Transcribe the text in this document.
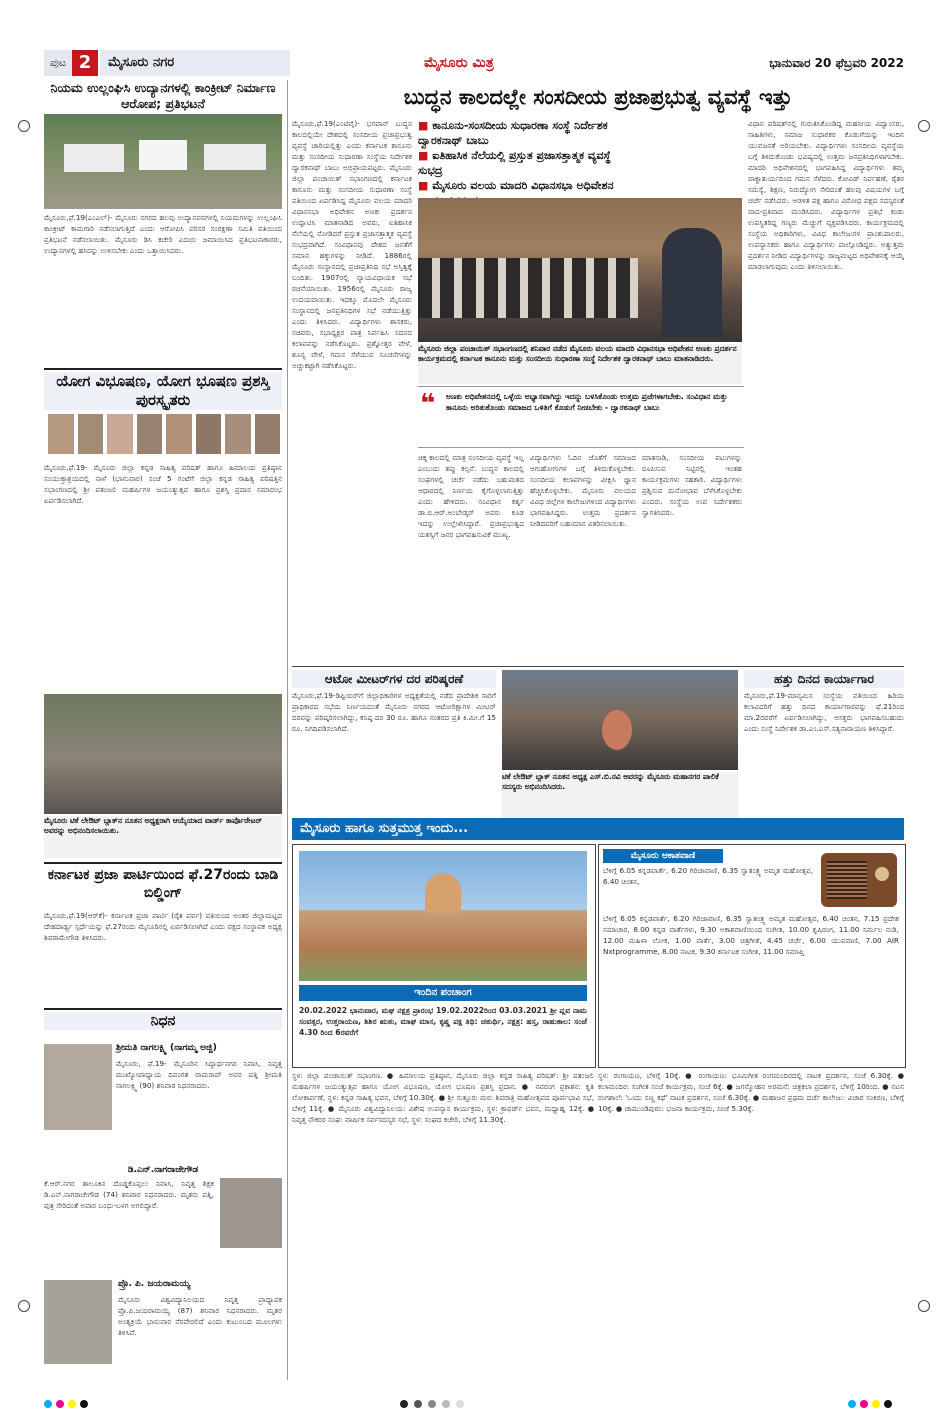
ಪುಟ 2	ಮೈಸೂರು ನಗರ	ಮೈಸೂರು ಮಿತ್ರ	ಭಾನುವಾರ 20 ಫೆಬ್ರವರಿ 2022
ನಿಯಮ ಉಲ್ಲಂಘಿಸಿ ಉದ್ಯಾನಗಳಲ್ಲಿ ಕಾಂಕ್ರೀಟ್ ನಿರ್ಮಾಣ ಆರೋಪ; ಪ್ರತಿಭಟನೆ
ಮೈಸೂರು,ಫೆ.19(ಎಂಎಲ್)- ಮೈಸೂರು ನಗರದ ಹಲವು ಉದ್ಯಾನವನಗಳಲ್ಲಿ ನಿಯಮಗಳನ್ನು ಉಲ್ಲಂಘಿಸಿ ಕಾಂಕ್ರೀಟ್ ಕಾಮಗಾರಿ ನಡೆಸಲಾಗುತ್ತಿದೆ ಎಂದು ಆರೋಪಿಸಿ ಪರಿಸರ ಸಂರಕ್ಷಣಾ ಸಮಿತಿ ವತಿಯಿಂದ ಪ್ರತಿಭಟನೆ ನಡೆಸಲಾಯಿತು. ಮೈಸೂರು ಡಿಸಿ ಕಚೇರಿ ಎದುರು ಜಮಾಯಿಸಿದ ಪ್ರತಿಭಟನಾಕಾರರು, ಉದ್ಯಾನಗಳಲ್ಲಿ ಹಸಿರನ್ನು ಉಳಿಸಬೇಕು ಎಂದು ಒತ್ತಾಯಿಸಿದರು.
ಯೋಗ ವಿಭೂಷಣ, ಯೋಗ ಭೂಷಣ ಪ್ರಶಸ್ತಿ ಪುರಸ್ಕೃತರು
ಮೈಸೂರು,ಫೆ.19- ಮೈಸೂರು ಜಿಲ್ಲಾ ಕನ್ನಡ ಸಾಹಿತ್ಯ ಪರಿಷತ್ ಹಾಗೂ ಹಿಮಾಲಯ ಪ್ರತಿಷ್ಠಾನ ಸಂಯುಕ್ತಾಶ್ರಯದಲ್ಲಿ ನಾಳೆ (ಭಾನುವಾರ) ಸಂಜೆ 5 ಗಂಟೆಗೆ ಜಿಲ್ಲಾ ಕನ್ನಡ ಸಾಹಿತ್ಯ ಪರಿಷತ್ತಿನ ಸಭಾಂಗಣದಲ್ಲಿ ಶ್ರೀ ಪತಂಜಲಿ ಮಹರ್ಷಿಗಳ ಜಯಂತ್ಯುತ್ಸವ ಹಾಗೂ ಪ್ರಶಸ್ತಿ ಪ್ರದಾನ ಸಮಾರಂಭ ಏರ್ಪಡಿಸಲಾಗಿದೆ.
ಮೈಸೂರು ಟಿಕೆ ಲೇಔಟ್ ಬ್ಲಾಕ್‌ನ ನೂತನ ಅಧ್ಯಕ್ಷರಾಗಿ ಆಯ್ಕೆಯಾದ ವಾರ್ಡ್ ಕಾರ್ಪೊರೇಟರ್ ಅವರನ್ನು ಅಭಿನಂದಿಸಲಾಯಿತು.
ಕರ್ನಾಟಕ ಪ್ರಜಾ ಪಾರ್ಟಿಯಿಂದ ಫೆ.27ರಂದು ಬಾಡಿ ಬಿಲ್ಡಿಂಗ್
ಮೈಸೂರು,ಫೆ.19(ಆರ್‌ಕೆ)- ಕರ್ನಾಟಕ ಪ್ರಜಾ ಪಾರ್ಟಿ (ರೈತ ಪರ್ವ) ವತಿಯಿಂದ ಅಂತರ ಜಿಲ್ಲಾಮಟ್ಟದ ದೇಹದಾರ್ಢ್ಯ ಸ್ಪರ್ಧೆಯನ್ನು ಫೆ.27ರಂದು ಮೈಸೂರಿನಲ್ಲಿ ಏರ್ಪಡಿಸಲಾಗಿದೆ ಎಂದು ಪಕ್ಷದ ಸಂಸ್ಥಾಪಕ ಅಧ್ಯಕ್ಷ ಶಿವರಾಮೇಗೌಡ ತಿಳಿಸಿದರು.
ನಿಧನ
ಶ್ರೀಮತಿ ನಾಗಲಕ್ಷ್ಮಿ (ನಾಗಮ್ಮ ಅಜ್ಜಿ)
ಮೈಸೂರು, ಫೆ.19- ಮೈಸೂರಿನ ಸಿದ್ದಾರ್ಥನಗರ ನಿವಾಸಿ, ನಿವೃತ್ತ ಮುಖ್ಯೋಪಾಧ್ಯಾಯ ದಿವಂಗತ ರಾಮರಾವ್ ಅವರ ಪತ್ನಿ ಶ್ರೀಮತಿ ನಾಗಲಕ್ಷ್ಮಿ (90) ಶನಿವಾರ ನಿಧನರಾದರು.
ಡಿ.ಎನ್.ನಾಗರಾಜೇಗೌಡ
ಕೆ.ಆರ್.ನಗರ ತಾಲೂಕಿನ ದೊಡ್ಡಕೊಪ್ಪಲು ನಿವಾಸಿ, ನಿವೃತ್ತ ಶಿಕ್ಷಕ ಡಿ.ಎನ್.ನಾಗರಾಜೇಗೌಡ (74) ಶನಿವಾರ ನಿಧನರಾದರು. ಮೃತರು ಪತ್ನಿ, ಪುತ್ರ ಸೇರಿದಂತೆ ಅಪಾರ ಬಂಧು-ಬಳಗ ಅಗಲಿದ್ದಾರೆ.
ಪ್ರೊ. ಪಿ. ಜಯರಾಮಯ್ಯ
ಮೈಸೂರು ವಿಶ್ವವಿದ್ಯಾನಿಲಯದ ನಿವೃತ್ತ ಪ್ರಾಧ್ಯಾಪಕ ಪ್ರೊ.ಪಿ.ಜಯರಾಮಯ್ಯ (87) ಶನಿವಾರ ನಿಧನರಾದರು. ಮೃತರ ಅಂತ್ಯಕ್ರಿಯೆ ಭಾನುವಾರ ನೆರವೇರಲಿದೆ ಎಂದು ಕುಟುಂಬದ ಮೂಲಗಳು ತಿಳಿಸಿವೆ.
ಬುದ್ಧನ ಕಾಲದಲ್ಲೇ ಸಂಸದೀಯ ಪ್ರಜಾಪ್ರಭುತ್ವ ವ್ಯವಸ್ಥೆ ಇತ್ತು
ಮೈಸೂರು,ಫೆ.19(ಎಂಟಿವೈ)- ಭಗವಾನ್ ಬುದ್ಧನ ಕಾಲದಲ್ಲಿಯೇ ದೇಶದಲ್ಲಿ ಸಂಸದೀಯ ಪ್ರಜಾಪ್ರಭುತ್ವ ವ್ಯವಸ್ಥೆ ಜಾರಿಯಲ್ಲಿತ್ತು ಎಂದು ಕರ್ನಾಟಕ ಕಾನೂನು ಮತ್ತು ಸಂಸದೀಯ ಸುಧಾರಣಾ ಸಂಸ್ಥೆಯ ನಿರ್ದೇಶಕ ದ್ವಾರಕನಾಥ್ ಬಾಬು ಅಭಿಪ್ರಾಯಪಟ್ಟರು. ಮೈಸೂರು ಜಿಲ್ಲಾ ಪಂಚಾಯಿತ್ ಸಭಾಂಗಣದಲ್ಲಿ ಕರ್ನಾಟಕ ಕಾನೂನು ಮತ್ತು ಸಂಸದೀಯ ಸುಧಾರಣಾ ಸಂಸ್ಥೆ ವತಿಯಿಂದ ಏರ್ಪಡಿಸಿದ್ದ ಮೈಸೂರು ವಲಯ ಮಾದರಿ ವಿಧಾನಸಭಾ ಅಧಿವೇಶನ ಅಣಕು ಪ್ರದರ್ಶನ ಉದ್ಘಾಟಿಸಿ ಮಾತನಾಡಿದ ಅವರು, ಐತಿಹಾಸಿಕ ನೆಲೆಯಲ್ಲಿ ನೋಡಿದರೆ ಪ್ರಸ್ತುತ ಪ್ರಜಾಸತ್ತಾತ್ಮಕ ವ್ಯವಸ್ಥೆ ಸುಭದ್ರವಾಗಿದೆ. ಸಂವಿಧಾನವು ದೇಶದ ಜನತೆಗೆ ಸಮಾನ ಹಕ್ಕುಗಳನ್ನು ನೀಡಿದೆ. 1886ರಲ್ಲಿ ಮೈಸೂರು ಸಂಸ್ಥಾನದಲ್ಲಿ ಪ್ರಜಾಪ್ರತಿನಿಧಿ ಸಭೆ ಅಸ್ತಿತ್ವಕ್ಕೆ ಬಂದಿತು. 1907ರಲ್ಲಿ ನ್ಯಾಯವಿಧಾಯಕ ಸಭೆ ರಚನೆಯಾಯಿತು. 1956ರಲ್ಲಿ ಮೈಸೂರು ರಾಜ್ಯ ಉದಯವಾಯಿತು. ಇದಕ್ಕೂ ಮೊದಲೇ ಮೈಸೂರು ಸಂಸ್ಥಾನದಲ್ಲಿ ಜನಪ್ರತಿನಿಧಿಗಳ ಸಭೆ ನಡೆಯುತ್ತಿತ್ತು ಎಂದು ತಿಳಿಸಿದರು. ವಿದ್ಯಾರ್ಥಿಗಳು ಶಾಸಕರು, ಸಚಿವರು, ಸಭಾಧ್ಯಕ್ಷರ ಪಾತ್ರ ನಿರ್ವಹಿಸಿ ಸದನದ ಕಲಾಪವನ್ನು ನಡೆಸಿಕೊಟ್ಟರು. ಪ್ರಶ್ನೋತ್ತರ ವೇಳೆ, ಶೂನ್ಯ ವೇಳೆ, ಗಮನ ಸೆಳೆಯುವ ಸೂಚನೆಗಳನ್ನು ಅಚ್ಚುಕಟ್ಟಾಗಿ ನಡೆಸಿಕೊಟ್ಟರು.
■ ಕಾನೂನು-ಸಂಸದೀಯ ಸುಧಾರಣಾ ಸಂಸ್ಥೆ ನಿರ್ದೇಶಕ ದ್ವಾರಕನಾಥ್ ಬಾಬು
■ ಐತಿಹಾಸಿಕ ನೆಲೆಯಲ್ಲಿ ಪ್ರಸ್ತುತ ಪ್ರಜಾಸತ್ತಾತ್ಮಕ ವ್ಯವಸ್ಥೆ ಸುಭದ್ರ
■ ಮೈಸೂರು ವಲಯ ಮಾದರಿ ವಿಧಾನಸಭಾ ಅಧಿವೇಶನ
ಮೈಸೂರು ಜಿಲ್ಲಾ ಪಂಚಾಯಿತ್ ಸಭಾಂಗಣದಲ್ಲಿ ಶನಿವಾರ ನಡೆದ ಮೈಸೂರು ವಲಯ ಮಾದರಿ ವಿಧಾನಸಭಾ ಅಧಿವೇಶನ ಅಣಕು ಪ್ರದರ್ಶನ ಕಾರ್ಯಕ್ರಮದಲ್ಲಿ ಕರ್ನಾಟಕ ಕಾನೂನು ಮತ್ತು ಸಂಸದೀಯ ಸುಧಾರಣಾ ಸಂಸ್ಥೆ ನಿರ್ದೇಶಕ ದ್ವಾರಕನಾಥ್ ಬಾಬು ಮಾತನಾಡಿದರು.
ವಿಧಾನ ಪರಿಷತ್‌ನಲ್ಲಿ ಗುರುತಿಸಿಕೊಂಡಿದ್ದ ಮಹನೀಯ ವಿದ್ವಾಂಸರು, ಸಾಹಿತಿಗಳು, ಸಮಾಜ ಸುಧಾರಕರ ಕೊಡುಗೆಯನ್ನು ಇಂದಿನ ಯುವಜನತೆ ಅರಿಯಬೇಕು. ವಿದ್ಯಾರ್ಥಿಗಳು ಸಂಸದೀಯ ವ್ಯವಸ್ಥೆಯ ಬಗ್ಗೆ ತಿಳಿದುಕೊಂಡು ಭವಿಷ್ಯದಲ್ಲಿ ಉತ್ತಮ ಜನಪ್ರತಿನಿಧಿಗಳಾಗಬೇಕು. ಮಾದರಿ ಅಧಿವೇಶನದಲ್ಲಿ ಭಾಗವಹಿಸಿದ್ದ ವಿದ್ಯಾರ್ಥಿಗಳು ತಮ್ಮ ವಾಕ್ಚಾತುರ್ಯದಿಂದ ಗಮನ ಸೆಳೆದರು. ಕೋವಿಡ್ ನಿರ್ವಹಣೆ, ರೈತರ ಸಮಸ್ಯೆ, ಶಿಕ್ಷಣ, ನಿರುದ್ಯೋಗ ಸೇರಿದಂತೆ ಹಲವು ವಿಷಯಗಳ ಬಗ್ಗೆ ಚರ್ಚೆ ನಡೆಸಿದರು. ಆಡಳಿತ ಪಕ್ಷ ಹಾಗೂ ವಿರೋಧ ಪಕ್ಷದ ಸದಸ್ಯರಂತೆ ವಾದ-ಪ್ರತಿವಾದ ಮಂಡಿಸಿದರು. ವಿದ್ಯಾರ್ಥಿಗಳ ಪ್ರತಿಭೆ ಕಂಡು ಉಪಸ್ಥಿತರಿದ್ದ ಗಣ್ಯರು ಮೆಚ್ಚುಗೆ ವ್ಯಕ್ತಪಡಿಸಿದರು. ಕಾರ್ಯಕ್ರಮದಲ್ಲಿ ಸಂಸ್ಥೆಯ ಅಧಿಕಾರಿಗಳು, ವಿವಿಧ ಕಾಲೇಜುಗಳ ಪ್ರಾಂಶುಪಾಲರು, ಉಪನ್ಯಾಸಕರು ಹಾಗೂ ವಿದ್ಯಾರ್ಥಿಗಳು ಪಾಲ್ಗೊಂಡಿದ್ದರು. ಅತ್ಯುತ್ತಮ ಪ್ರದರ್ಶನ ನೀಡಿದ ವಿದ್ಯಾರ್ಥಿಗಳನ್ನು ರಾಜ್ಯಮಟ್ಟದ ಅಧಿವೇಶನಕ್ಕೆ ಆಯ್ಕೆ ಮಾಡಲಾಗುವುದು ಎಂದು ತಿಳಿಸಲಾಯಿತು.
❝ ಅಣಕು ಅಧಿವೇಶನದಲ್ಲಿ ಒಳ್ಳೆಯ ಅಭ್ಯಾಸವಾಗಿದ್ದು ಇದನ್ನು ಬಳಸಿಕೊಂಡು ಉತ್ತಮ ಪ್ರಜೆಗಳಾಗಬೇಕು. ಸಂವಿಧಾನ ಮತ್ತು ಕಾನೂನು ಅರಿತುಕೊಂಡು ಸಮಾಜದ ಒಳಿತಿಗೆ ಕೊಡುಗೆ ನೀಡಬೇಕು - ದ್ವಾರಕನಾಥ್ ಬಾಬು
ಚಿಕ್ಕ ಕಾಲದಲ್ಲಿ ಮಾತ್ರ ಸಂಸದೀಯ ವ್ಯವಸ್ಥೆ ಇಲ್ಲ ಎಂಬುದು ತಪ್ಪು ಕಲ್ಪನೆ. ಬುದ್ಧನ ಕಾಲದಲ್ಲಿ ಸಂಘಗಳಲ್ಲಿ ಚರ್ಚೆ ನಡೆದು ಬಹುಮತದ ಆಧಾರದಲ್ಲಿ ನಿರ್ಣಯ ಕೈಗೊಳ್ಳಲಾಗುತ್ತಿತ್ತು ಎಂದು ಹೇಳಿದರು. ಸಂವಿಧಾನ ಕರ್ತೃ ಡಾ.ಬಿ.ಆರ್.ಅಂಬೇಡ್ಕರ್ ಅವರು ಕೂಡ ಇದನ್ನು ಉಲ್ಲೇಖಿಸಿದ್ದಾರೆ. ಪ್ರಜಾಪ್ರಭುತ್ವದ ಯಶಸ್ಸಿಗೆ ಜನರ ಭಾಗವಹಿಸುವಿಕೆ ಮುಖ್ಯ.
ವಿದ್ಯಾರ್ಥಿಗಳು ಓದಿನ ಜೊತೆಗೆ ಸಮಾಜದ ಆಗುಹೋಗುಗಳ ಬಗ್ಗೆ ತಿಳಿದುಕೊಳ್ಳಬೇಕು. ಸಂಸದೀಯ ಕಲಾಪಗಳನ್ನು ವೀಕ್ಷಿಸಿ ಜ್ಞಾನ ಹೆಚ್ಚಿಸಿಕೊಳ್ಳಬೇಕು. ಮೈಸೂರು ವಲಯದ ವಿವಿಧ ಜಿಲ್ಲೆಗಳ ಕಾಲೇಜುಗಳಿಂದ ವಿದ್ಯಾರ್ಥಿಗಳು ಭಾಗವಹಿಸಿದ್ದರು. ಉತ್ತಮ ಪ್ರದರ್ಶನ ನೀಡಿದವರಿಗೆ ಬಹುಮಾನ ವಿತರಿಸಲಾಯಿತು.
ಮಾತನಾಡಿ, ಸಂಸದೀಯ ಪಟುಗಳನ್ನು ರೂಪಿಸುವ ನಿಟ್ಟಿನಲ್ಲಿ ಇಂತಹ ಕಾರ್ಯಕ್ರಮಗಳು ಸಹಕಾರಿ. ವಿದ್ಯಾರ್ಥಿಗಳು ಪ್ರಶ್ನಿಸುವ ಮನೋಭಾವ ಬೆಳೆಸಿಕೊಳ್ಳಬೇಕು ಎಂದರು. ಸಂಸ್ಥೆಯ ಉಪ ನಿರ್ದೇಶಕರು ಸ್ವಾಗತಿಸಿದರು.
ಆಟೋ ಮೀಟರ್‌ಗಳ ದರ ಪರಿಷ್ಕರಣೆ
ಮೈಸೂರು,ಫೆ.19-ಡಿಪ್ಟಿಯರ್‌ಗೆ ಜಿಲ್ಲಾಧಿಕಾರಿಗಳ ಅಧ್ಯಕ್ಷತೆಯಲ್ಲಿ ನಡೆದ ಪ್ರಾದೇಶಿಕ ಸಾರಿಗೆ ಪ್ರಾಧಿಕಾರದ ಸಭೆಯ ನಿರ್ಣಯದಂತೆ ಮೈಸೂರು ನಗರದ ಆಟೋರಿಕ್ಷಾಗಳ ಮೀಟರ್ ದರವನ್ನು ಪರಿಷ್ಕರಿಸಲಾಗಿದ್ದು, ಕನಿಷ್ಠ ದರ 30 ರೂ. ಹಾಗೂ ನಂತರದ ಪ್ರತಿ ಕಿ.ಮೀ.ಗೆ 15 ರೂ. ನಿಗದಿಪಡಿಸಲಾಗಿದೆ.
ಟಿಕೆ ಲೇಔಟ್ ಬ್ಲಾಕ್ ನೂತನ ಅಧ್ಯಕ್ಷ ಎಸ್.ಬಿ.ರವಿ ಅವರನ್ನು ಮೈಸೂರು ಮಹಾನಗರ ಪಾಲಿಕೆ ಸದಸ್ಯರು ಅಭಿನಂದಿಸಿದರು.
ಹತ್ತು ದಿನದ ಕಾರ್ಯಾಗಾರ
ಮೈಸೂರು,ಫೆ.19-ಮಾನ್ಯಮಿಸ ಸಂಸ್ಥೆಯ ವತಿಯಿಂದ ಹಿರಿಯ ಕಲಾವಿದರಿಗೆ ಹತ್ತು ದಿನದ ಕಾರ್ಯಾಗಾರವನ್ನು ಫೆ.21ರಿಂದ ಮಾ.2ರವರೆಗೆ ಏರ್ಪಡಿಸಲಾಗಿದ್ದು, ಆಸಕ್ತರು ಭಾಗವಹಿಸಬಹುದು ಎಂದು ಸಂಸ್ಥೆ ನಿರ್ದೇಶಕ ಡಾ.ಎಂ.ಎಸ್.ಸತ್ಯನಾರಾಯಣ ತಿಳಿಸಿದ್ದಾರೆ.
ಮೈಸೂರು ಹಾಗೂ ಸುತ್ತಮುತ್ತ ಇಂದು...
ಇಂದಿನ ಪಂಚಾಂಗ
20.02.2022 ಭಾನುವಾರ, ಮಘ ನಕ್ಷತ್ರ ಪ್ರಾರಂಭ 19.02.2022ರಿಂದ 03.03.2021 ಶ್ರೀ ಪ್ಲವ ನಾಮ ಸಂವತ್ಸರ, ಉತ್ತರಾಯಣ, ಶಿಶಿರ ಋತು, ಮಾಘ ಮಾಸ, ಕೃಷ್ಣ ಪಕ್ಷ ತಿಥಿ: ಚತುರ್ಥಿ, ನಕ್ಷತ್ರ: ಹಸ್ತ, ರಾಹುಕಾಲ: ಸಂಜೆ 4.30 ರಿಂದ 6ರವರೆಗೆ
ಮೈಸೂರು ಆಕಾಶವಾಣಿ
ಬೆಳಿಗ್ಗೆ 6.05 ಕನ್ನಡವಾರ್ತೆ, 6.20 ಗಿರಿಜಾವಾಣಿ, 6.35 ಸ್ವಾತಂತ್ರ್ಯ ಅಮೃತ ಮಹೋತ್ಸವ, 6.40 ಚಿಂತನ,
ಬೆಳಿಗ್ಗೆ 6.05 ಕನ್ನಡವಾರ್ತೆ, 6.20 ಗಿರಿಜಾವಾಣಿ, 6.35 ಸ್ವಾತಂತ್ರ್ಯ ಅಮೃತ ಮಹೋತ್ಸವ, 6.40 ಚಿಂತನ, 7.15 ಪ್ರದೇಶ ಸಮಾಚಾರ, 8.00 ಕನ್ನಡ ವಾರ್ತೆಗಳು, 9.30 ಅಕಾಶವಾಣಿಯಿಂದ ಸಂಗೀತ, 10.00 ಕೃಷಿರಂಗ, 11.00 ನಿರ್ಮಲ ನುಡಿ, 12.00 ಮಹಿಳಾ ಲೋಕ, 1.00 ವಾರ್ತೆ, 3.00 ಚಿತ್ರಗೀತೆ, 4.45 ಚರ್ಚೆ, 6.00 ಯುವವಾಣಿ, 7.00 AIR Nxtprogramme, 8.00 ನಾಟಕ, 9.30 ಕರ್ನಾಟಕ ಸಂಗೀತ, 11.00 ಸಮಾಪ್ತಿ
ಸ್ಥಳ: ಜಿಲ್ಲಾ ಪಂಚಾಯಿತ್ ಸಭಾಂಗಣ. ● ಹಿಮಾಲಯ ಪ್ರತಿಷ್ಠಾನ, ಮೈಸೂರು ಜಿಲ್ಲಾ ಕನ್ನಡ ಸಾಹಿತ್ಯ ಪರಿಷತ್: ಶ್ರೀ ಪತಂಜಲಿ ಮಹರ್ಷಿಗಳ ಜಯಂತ್ಯುತ್ಸವ ಹಾಗೂ ಯೋಗ ವಿಭೂಷಣ, ಯೋಗ ಭೂಷಣ ಪ್ರಶಸ್ತಿ ಪ್ರದಾನ. ● ನವರಂಗ ಪ್ರಕಾಶನ: ಕೃತಿ ಲೋಕಾರ್ಪಣೆ, ಸ್ಥಳ: ಕನ್ನಡ ಸಾಹಿತ್ಯ ಭವನ, ಬೆಳಿಗ್ಗೆ 10.30ಕ್ಕೆ. ● ಶ್ರೀ ಸುತ್ತೂರು ಮಠ: ಶಿವರಾತ್ರಿ ಮಹೋತ್ಸವದ ಪೂರ್ವಭಾವಿ ಸಭೆ, ಬೆಳಿಗ್ಗೆ 11ಕ್ಕೆ. ● ಮೈಸೂರು ವಿಶ್ವವಿದ್ಯಾನಿಲಯ: ವಿಶೇಷ ಉಪನ್ಯಾಸ ಕಾರ್ಯಕ್ರಮ, ಸ್ಥಳ: ಕ್ರಾಫರ್ಡ್ ಭವನ, ಮಧ್ಯಾಹ್ನ 12ಕ್ಕೆ. ● ನಿವೃತ್ತ ನೌಕರರ ಸಂಘ: ವಾರ್ಷಿಕ ಸರ್ವಸದಸ್ಯರ ಸಭೆ, ಸ್ಥಳ: ಸಂಘದ ಕಚೇರಿ, ಬೆಳಿಗ್ಗೆ 11.30ಕ್ಕೆ.
ಸ್ಥಳ: ರಂಗಾಯಣ, ಬೆಳಿಗ್ಗೆ 10ಕ್ಕೆ. ● ರಂಗಾಯಣ: ಭೂಮಿಗೀತ ರಂಗಮಂದಿರದಲ್ಲಿ ನಾಟಕ ಪ್ರದರ್ಶನ, ಸಂಜೆ 6.30ಕ್ಕೆ. ● ಕಲಾಮಂದಿರ: ಸಂಗೀತ ಸಂಜೆ ಕಾರ್ಯಕ್ರಮ, ಸಂಜೆ 6ಕ್ಕೆ. ● ಜಗನ್ಮೋಹನ ಅರಮನೆ: ಚಿತ್ರಕಲಾ ಪ್ರದರ್ಶನ, ಬೆಳಿಗ್ಗೆ 10ರಿಂದ. ● ನಟನ ರಂಗಶಾಲೆ: 'ಒಂದು ಸಣ್ಣ ಕಥೆ' ನಾಟಕ ಪ್ರದರ್ಶನ, ಸಂಜೆ 6.30ಕ್ಕೆ. ● ಮಹಾಜನ ಪ್ರಥಮ ದರ್ಜೆ ಕಾಲೇಜು: ವಿಚಾರ ಸಂಕಿರಣ, ಬೆಳಿಗ್ಗೆ 10ಕ್ಕೆ. ● ಚಾಮುಂಡಿಪುರಂ: ಭಜನಾ ಕಾರ್ಯಕ್ರಮ, ಸಂಜೆ 5.30ಕ್ಕೆ.
